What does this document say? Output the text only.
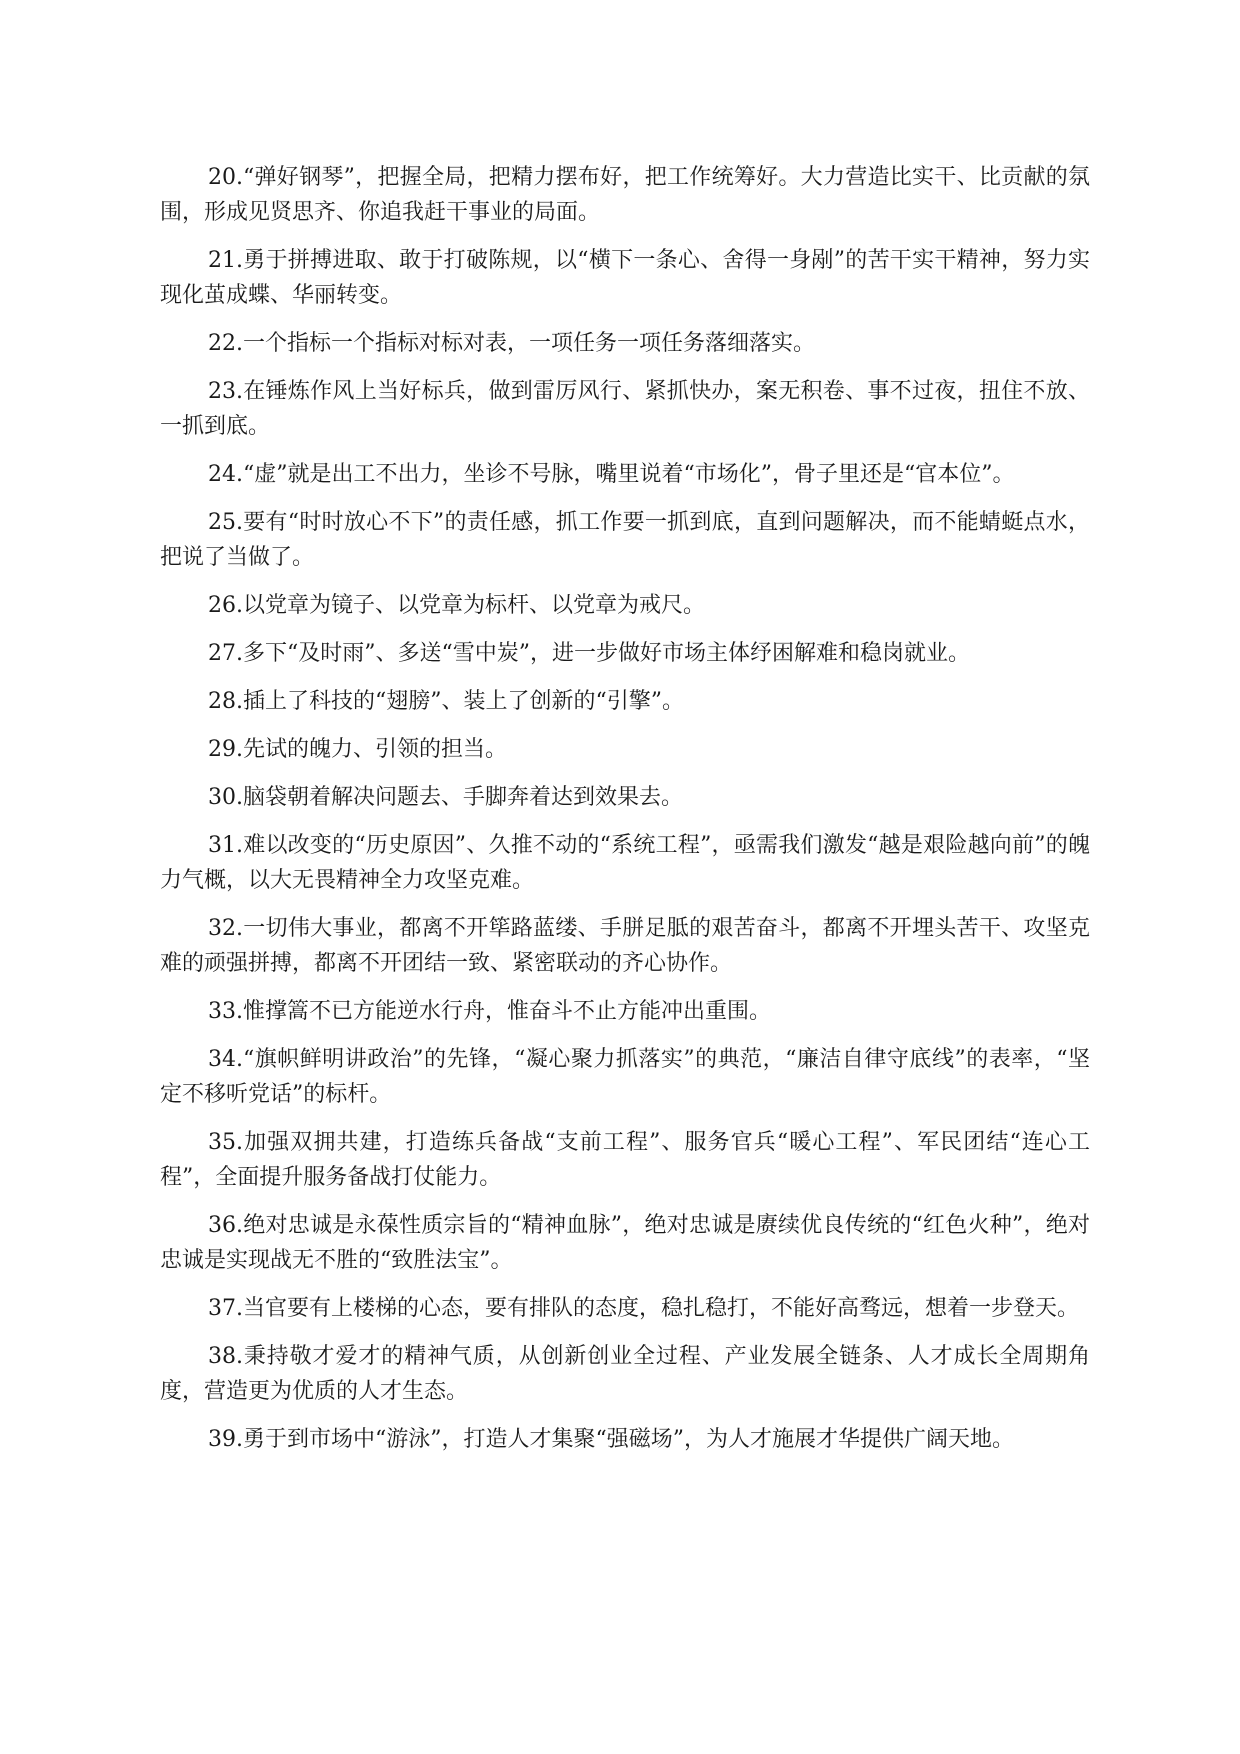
20.“弹好钢琴”，把握全局，把精力摆布好，把工作统筹好。大力营造比实干、比贡献的氛围，形成见贤思齐、你追我赶干事业的局面。

21.勇于拼搏进取、敢于打破陈规，以“横下一条心、舍得一身剐”的苦干实干精神，努力实现化茧成蝶、华丽转变。

22.一个指标一个指标对标对表，一项任务一项任务落细落实。

23.在锤炼作风上当好标兵，做到雷厉风行、紧抓快办，案无积卷、事不过夜，扭住不放、一抓到底。

24.“虚”就是出工不出力，坐诊不号脉，嘴里说着“市场化”，骨子里还是“官本位”。

25.要有“时时放心不下”的责任感，抓工作要一抓到底，直到问题解决，而不能蜻蜓点水，把说了当做了。

26.以党章为镜子、以党章为标杆、以党章为戒尺。

27.多下“及时雨”、多送“雪中炭”，进一步做好市场主体纾困解难和稳岗就业。

28.插上了科技的“翅膀”、装上了创新的“引擎”。

29.先试的魄力、引领的担当。

30.脑袋朝着解决问题去、手脚奔着达到效果去。

31.难以改变的“历史原因”、久推不动的“系统工程”，亟需我们激发“越是艰险越向前”的魄力气概，以大无畏精神全力攻坚克难。

32.一切伟大事业，都离不开筚路蓝缕、手胼足胝的艰苦奋斗，都离不开埋头苦干、攻坚克难的顽强拼搏，都离不开团结一致、紧密联动的齐心协作。

33.惟撑篙不已方能逆水行舟，惟奋斗不止方能冲出重围。

34.“旗帜鲜明讲政治”的先锋，“凝心聚力抓落实”的典范，“廉洁自律守底线”的表率，“坚定不移听党话”的标杆。

35.加强双拥共建，打造练兵备战“支前工程”、服务官兵“暖心工程”、军民团结“连心工程”，全面提升服务备战打仗能力。

36.绝对忠诚是永葆性质宗旨的“精神血脉”，绝对忠诚是赓续优良传统的“红色火种”，绝对忠诚是实现战无不胜的“致胜法宝”。

37.当官要有上楼梯的心态，要有排队的态度，稳扎稳打，不能好高骛远，想着一步登天。

38.秉持敬才爱才的精神气质，从创新创业全过程、产业发展全链条、人才成长全周期角度，营造更为优质的人才生态。

39.勇于到市场中“游泳”，打造人才集聚“强磁场”，为人才施展才华提供广阔天地。
